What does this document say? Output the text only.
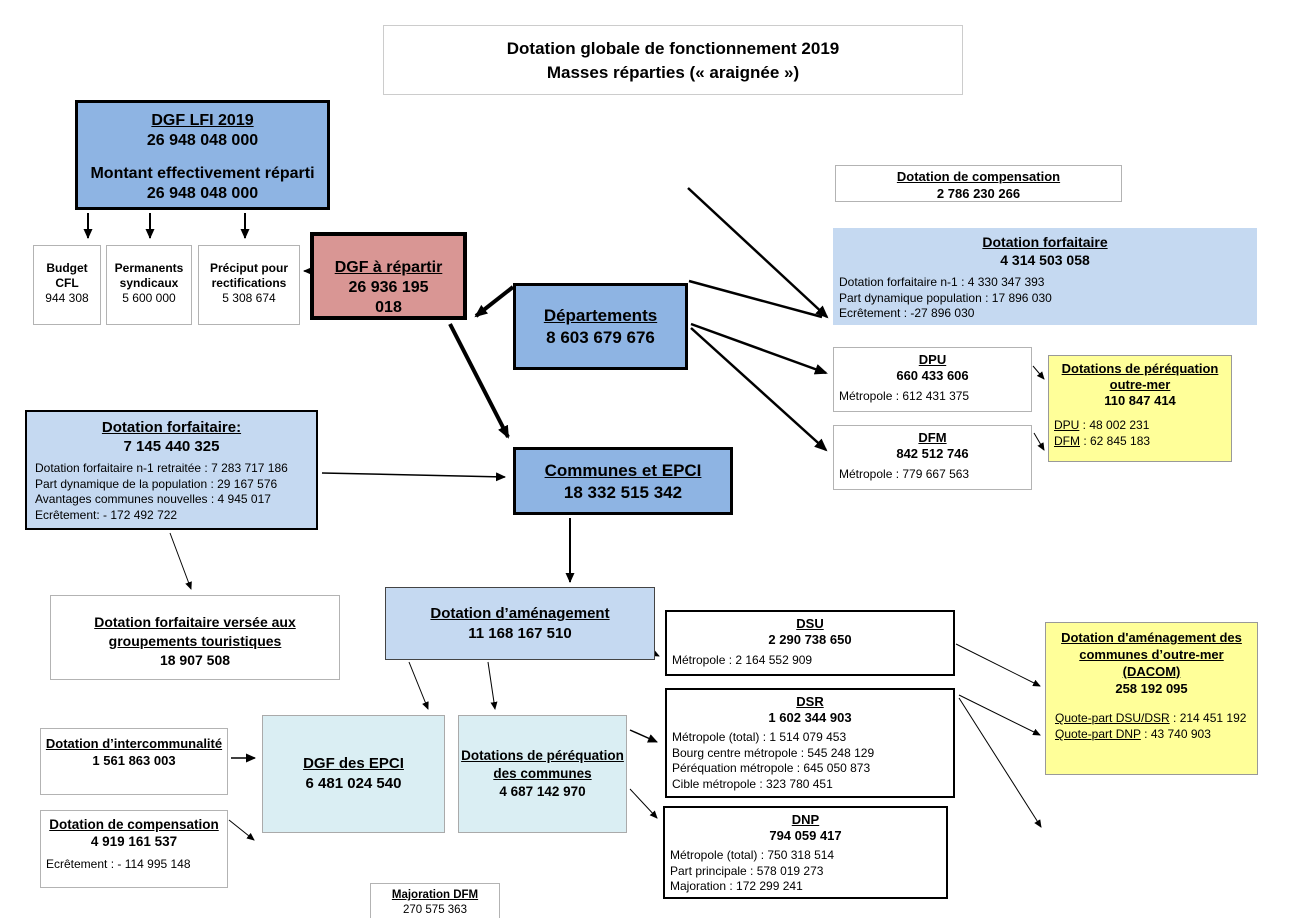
Dotation globale de fonctionnement 2019
Masses réparties (« araignée »)
DGF LFI 2019
26 948 048 000
Montant effectivement réparti
26 948 048 000
Budget CFL
944 308
Permanents syndicaux
5 600 000
Préciput pour rectifications
5 308 674
DGF à répartir
26 936 195 018	Départements
8 603 679 676
Communes et EPCI
18 332 515 342
Dotation forfaitaire:
7 145 440 325
Dotation forfaitaire n-1 retraitée : 7 283 717 186
Part dynamique de la population : 29 167 576
Avantages communes nouvelles : 4 945 017
Ecrêtement: - 172 492 722
Dotation de compensation
2 786 230 266
Dotation forfaitaire
4 314 503 058
Dotation forfaitaire n-1 : 4 330 347 393
Part dynamique population : 17 896 030
Ecrêtement : -27 896 030
DPU
660 433 606
Métropole : 612 431 375
DFM
842 512 746
Métropole : 779 667 563
Dotations de péréquation outre-mer
110 847 414
DPU : 48 002 231
DFM : 62 845 183
Dotation forfaitaire versée aux groupements touristiques
18 907 508
Dotation d’aménagement
11 168 167 510
DSU
2 290 738 650
Métropole : 2 164 552 909
DSR
1 602 344 903
Métropole (total) : 1 514 079 453
Bourg centre métropole : 545 248 129
Péréquation métropole : 645 050 873
Cible métropole : 323 780 451
DNP
794 059 417
Métropole (total) : 750 318 514
Part principale : 578 019 273
Majoration : 172 299 241
Dotation d'aménagement des communes d’outre-mer (DACOM)
258 192 095
Quote-part DSU/DSR : 214 451 192
Quote-part DNP : 43 740 903
Dotation d’intercommunalité
1 561 863 003	DGF des EPCI
6 481 024 540
Dotations de péréquation des communes
4 687 142 970
Dotation de compensation
4 919 161 537
Ecrêtement : - 114 995 148
Majoration DFM
270 575 363
